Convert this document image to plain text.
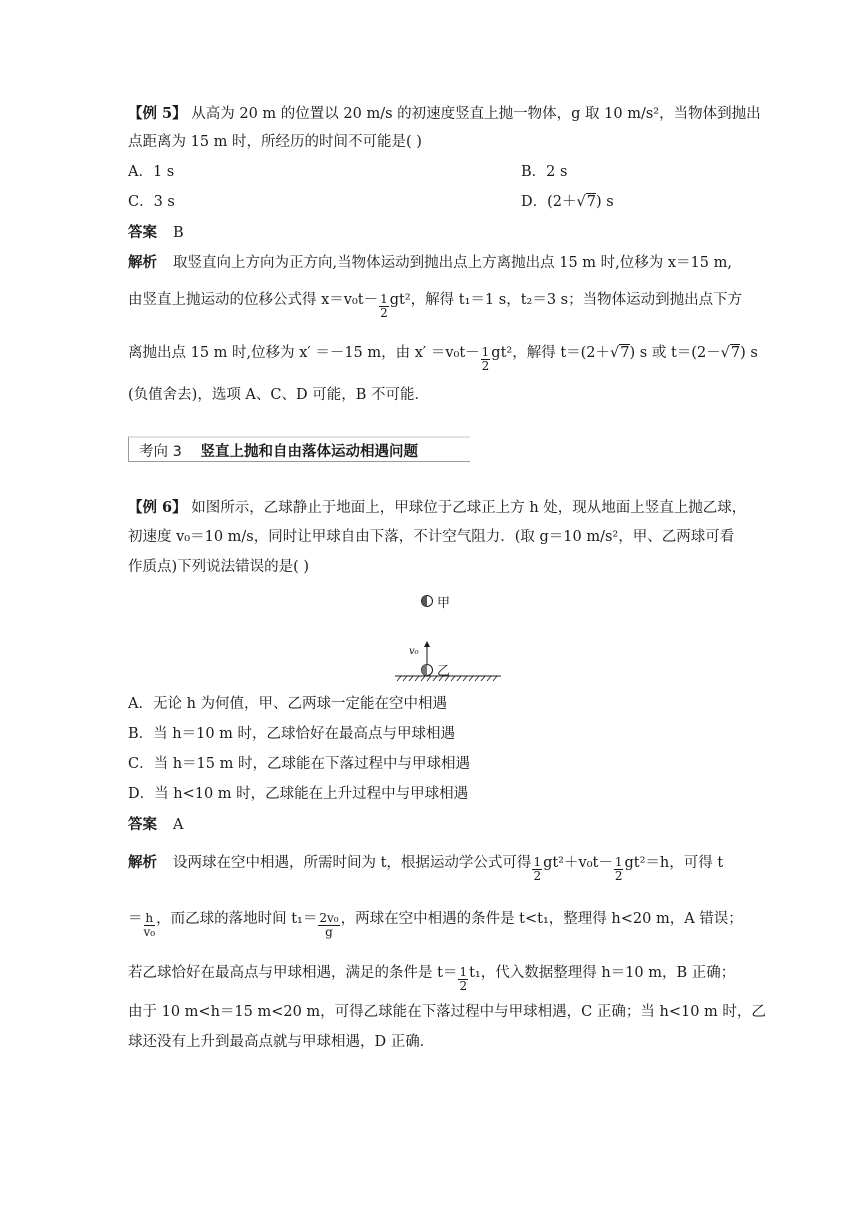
【例 5】 从高为 20 m 的位置以 20 m/s 的初速度竖直上抛一物体，g 取 10 m/s²，当物体到抛出
点距离为 15 m 时，所经历的时间不可能是( )
A．1 s	B．2 s
C．3 s	D．(2＋√7) s
答案 B
解析 取竖直向上方向为正方向,当物体运动到抛出点上方离抛出点 15 m 时,位移为 x＝15 m,
由竖直上抛运动的位移公式得 $x=v_0t- \frac{1}{2} gt^2$，解得 t₁＝1 s，t₂＝3 s；当物体运动到抛出点下方
离抛出点 15 m 时,位移为 x′ ＝－15 m，由 $x' =v_0t- \frac{1}{2} gt^2$，解得 t＝(2＋√7) s 或 t＝(2－√7) s
(负值舍去)，选项 A、C、D 可能，B 不可能．
考向 3 竖直上抛和自由落体运动相遇问题
【例 6】 如图所示，乙球静止于地面上，甲球位于乙球正上方 h 处，现从地面上竖直上抛乙球，
初速度 v₀＝10 m/s，同时让甲球自由下落，不计空气阻力．(取 g＝10 m/s²，甲、乙两球可看
作质点)下列说法错误的是( )
甲
v₀
乙
A．无论 h 为何值，甲、乙两球一定能在空中相遇
B．当 h＝10 m 时，乙球恰好在最高点与甲球相遇
C．当 h＝15 m 时，乙球能在下落过程中与甲球相遇
D．当 h<10 m 时，乙球能在上升过程中与甲球相遇
答案 A
解析 设两球在空中相遇，所需时间为 t，根据运动学公式可得 $\frac{1}{2} gt^2+v_0t- \frac{1}{2} gt^2=h$，可得 t
＝ $\frac{h}{\text{v₀}}$ ，而乙球的落地时间 $t_1= \frac{\text{2v₀}}{g}$ ，两球在空中相遇的条件是 t<t₁，整理得 h<20 m，A 错误；
若乙球恰好在最高点与甲球相遇，满足的条件是 $t= \frac{1}{2} t_1$，代入数据整理得 h＝10 m，B 正确；
由于 10 m<h＝15 m<20 m，可得乙球能在下落过程中与甲球相遇，C 正确；当 h<10 m 时，乙
球还没有上升到最高点就与甲球相遇，D 正确．
